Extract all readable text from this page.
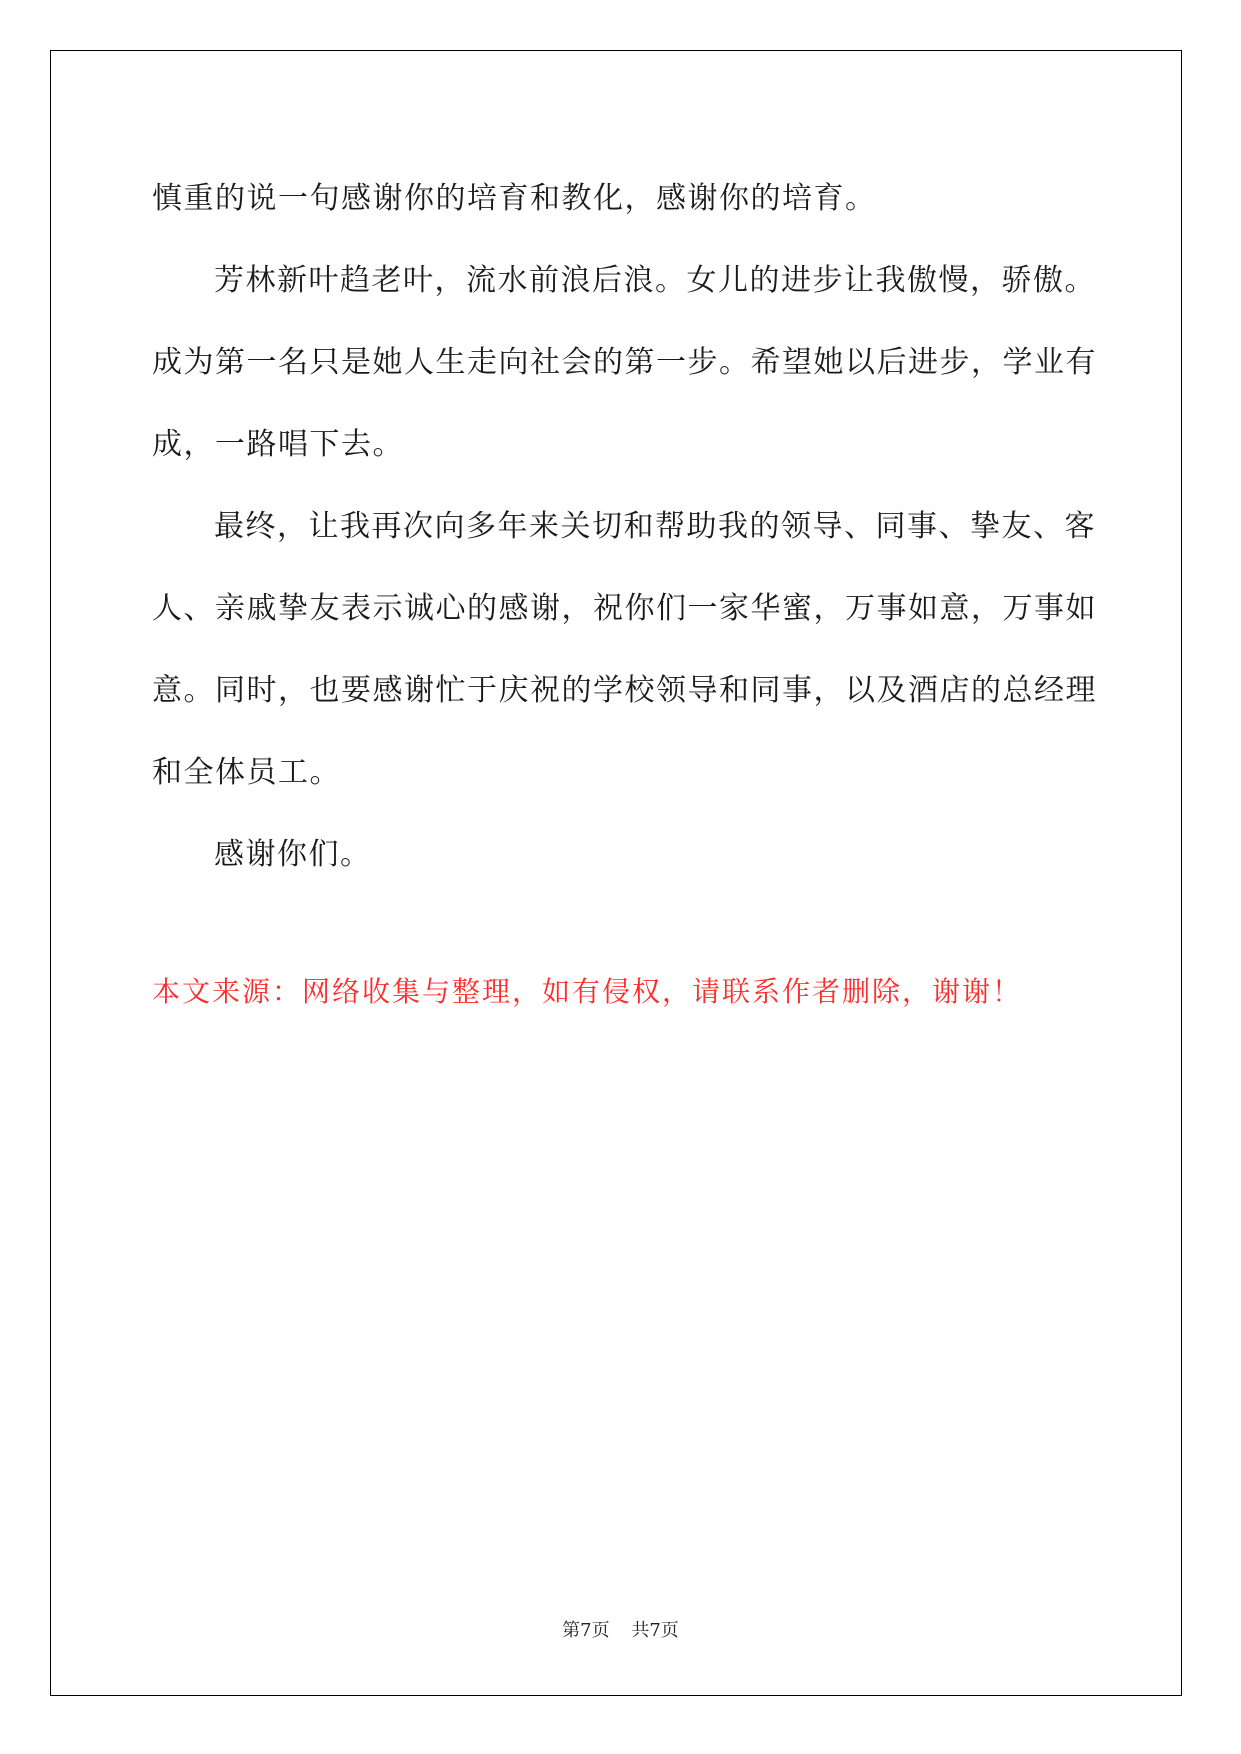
慎重的说一句感谢你的培育和教化，感谢你的培育。
芳林新叶趋老叶，流水前浪后浪。女儿的进步让我傲慢，骄傲。
成为第一名只是她人生走向社会的第一步。希望她以后进步，学业有
成，一路唱下去。
最终，让我再次向多年来关切和帮助我的领导、同事、挚友、客
人、亲戚挚友表示诚心的感谢，祝你们一家华蜜，万事如意，万事如
意。同时，也要感谢忙于庆祝的学校领导和同事，以及酒店的总经理
和全体员工。
感谢你们。
本文来源：网络收集与整理，如有侵权，请联系作者删除，谢谢！
第7页 共7页
